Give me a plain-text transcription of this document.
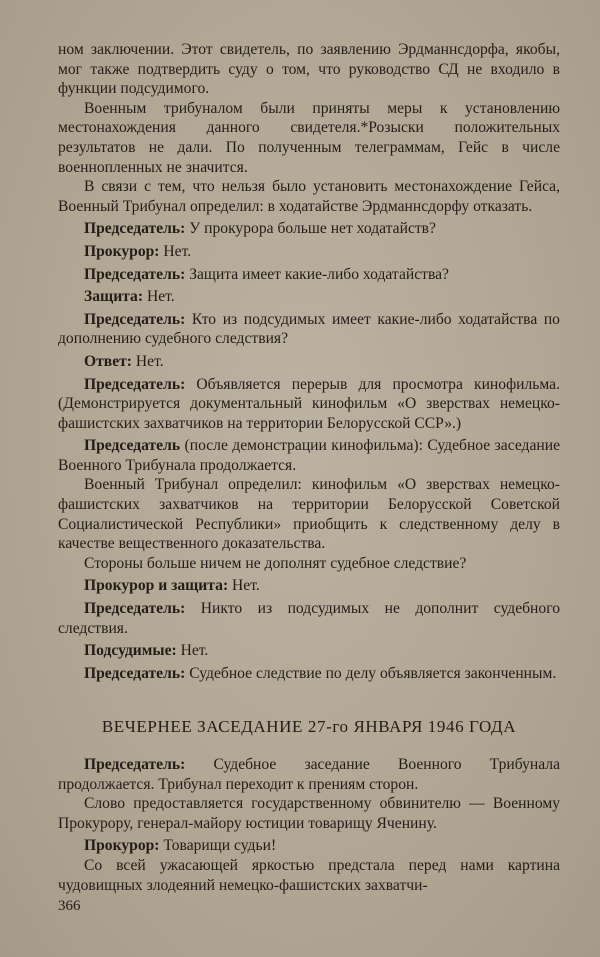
ном заключении. Этот свидетель, по заявлению Эрдманнсдорфа, якобы, мог также подтвердить суду о том, что руководство СД не входило в функции подсудимого.

Военным трибуналом были приняты меры к установлению местонахождения данного свидетеля.*Розыски положительных результатов не дали. По полученным телеграммам, Гейс в числе военнопленных не значится.

В связи с тем, что нельзя было установить местонахождение Гейса, Военный Трибунал определил: в ходатайстве Эрдманнсдорфу отказать.

Председатель: У прокурора больше нет ходатайств?

Прокурор: Нет.

Председатель: Защита имеет какие-либо ходатайства?

Защита: Нет.

Председатель: Кто из подсудимых имеет какие-либо ходатайства по дополнению судебного следствия?

Ответ: Нет.

Председатель: Объявляется перерыв для просмотра кинофильма. (Демонстрируется документальный кинофильм «О зверствах немецко-фашистских захватчиков на территории Белорусской ССР».)

Председатель (после демонстрации кинофильма): Судебное заседание Военного Трибунала продолжается.

Военный Трибунал определил: кинофильм «О зверствах немецко-фашистских захватчиков на территории Белорусской Советской Социалистической Республики» приобщить к следственному делу в качестве вещественного доказательства.

Стороны больше ничем не дополнят судебное следствие?

Прокурор и защита: Нет.

Председатель: Никто из подсудимых не дополнит судебного следствия.

Подсудимые: Нет.

Председатель: Судебное следствие по делу объявляется законченным.

ВЕЧЕРНЕЕ ЗАСЕДАНИЕ 27-го ЯНВАРЯ 1946 ГОДА

Председатель: Судебное заседание Военного Трибунала продолжается. Трибунал переходит к прениям сторон.

Слово предоставляется государственному обвинителю — Военному Прокурору, генерал-майору юстиции товарищу Яченину.

Прокурор: Товарищи судьи!

Со всей ужасающей яркостью предстала перед нами картина чудовищных злодеяний немецко-фашистских захватчи-

366
